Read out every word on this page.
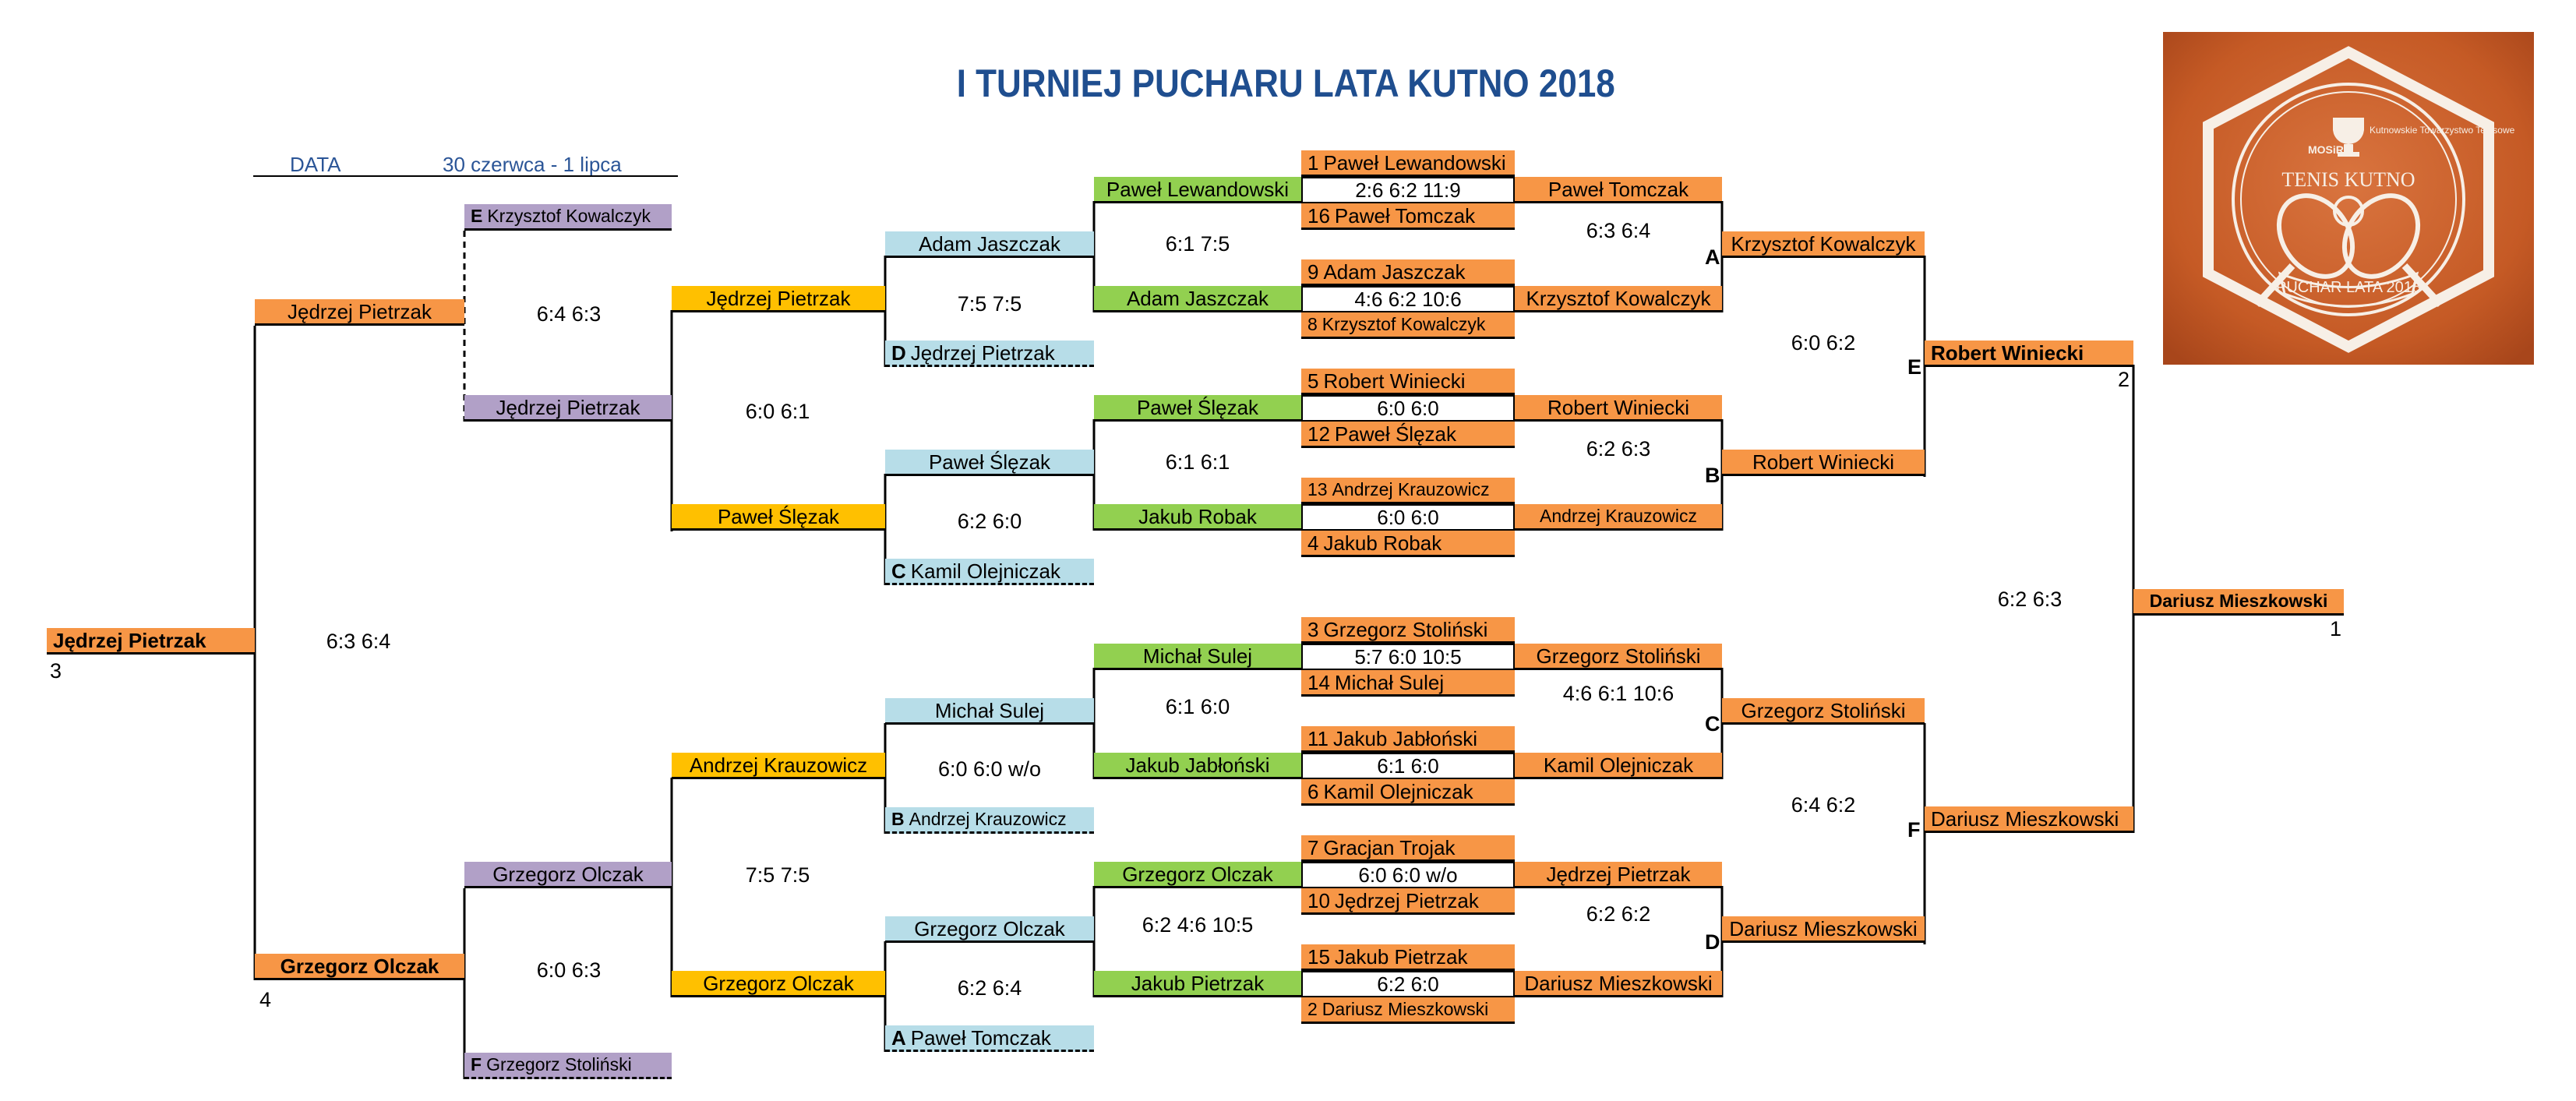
I TURNIEJ PUCHARU LATA KUTNO 2018
DATA	30 czerwca - 1 lipca	1 Paweł Lewandowski
2:6 6:2 11:9
16 Paweł Tomczak
9 Adam Jaszczak
4:6 6:2 10:6
8 Krzysztof Kowalczyk
5 Robert Winiecki
6:0 6:0
12 Paweł Ślęzak
13 Andrzej Krauzowicz
6:0 6:0
4 Jakub Robak
3 Grzegorz Stoliński
5:7 6:0 10:5
14 Michał Sulej
11 Jakub Jabłoński
6:1 6:0
6 Kamil Olejniczak
7 Gracjan Trojak
6:0 6:0 w/o
10 Jędrzej Pietrzak
15 Jakub Pietrzak
6:2 6:0
2 Dariusz Mieszkowski
Paweł Tomczak
Krzysztof Kowalczyk
Robert Winiecki
Andrzej Krauzowicz
Grzegorz Stoliński
Kamil Olejniczak
Jędrzej Pietrzak
Dariusz Mieszkowski
6:3 6:4
6:2 6:3
4:6 6:1 10:6
6:2 6:2
Krzysztof Kowalczyk
A
Robert Winiecki
B
Grzegorz Stoliński
C
Dariusz Mieszkowski
D
6:0 6:2
6:4 6:2
Robert Winiecki
E
2
Dariusz Mieszkowski
F
6:2 6:3	Dariusz Mieszkowski
1
Paweł Lewandowski
Adam Jaszczak
Paweł Ślęzak
Jakub Robak
Michał Sulej
Jakub Jabłoński
Grzegorz Olczak
Jakub Pietrzak
6:1 7:5
6:1 6:1
6:1 6:0
6:2 4:6 10:5
Adam Jaszczak
D Jędrzej Pietrzak
Paweł Ślęzak
C Kamil Olejniczak
Michał Sulej
B Andrzej Krauzowicz
Grzegorz Olczak
A Paweł Tomczak
7:5 7:5
6:2 6:0
6:0 6:0 w/o
6:2 6:4
Jędrzej Pietrzak
Paweł Ślęzak
Andrzej Krauzowicz
Grzegorz Olczak
6:0 6:1
7:5 7:5
E Krzysztof Kowalczyk
Jędrzej Pietrzak
Grzegorz Olczak
F Grzegorz Stoliński
6:4 6:3
6:0 6:3
Jędrzej Pietrzak
Grzegorz Olczak
4
6:3 6:4
Jędrzej Pietrzak
3
Kutnowskie Towarzystwo Tenisowe
MOSiR
TENIS KUTNO
PUCHAR LATA 2018
